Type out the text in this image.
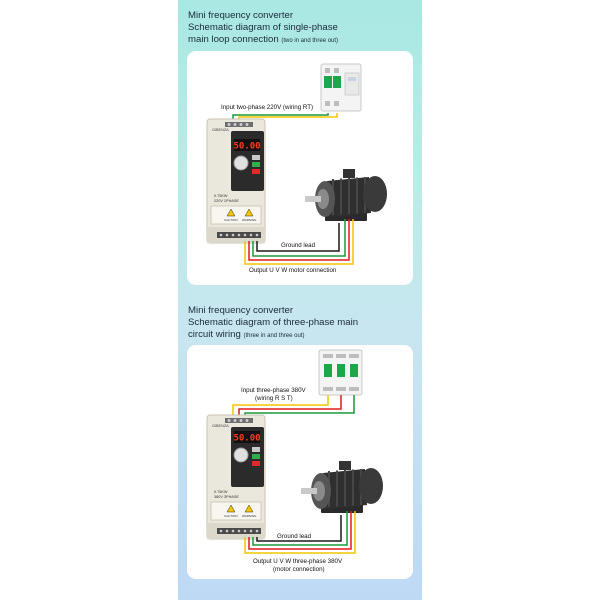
Mini frequency converter
Schematic diagram of single-phase
main loop connection (two in and three out)
GIBENZA
50.00
0.75KW
220V 1PHASE
CAUTION WARNING
Input two-phase 220V (wiring RT)
Ground lead
Output U V W motor connection
Mini frequency converter
Schematic diagram of three-phase main
circuit wiring (three in and three out)
GIBENZA
50.00
0.75KW
380V 3PHASE
CAUTION WARNING
Input three-phase 380V
(wiring R S T)
Ground lead
Output U V W three-phase 380V
(motor connection)
